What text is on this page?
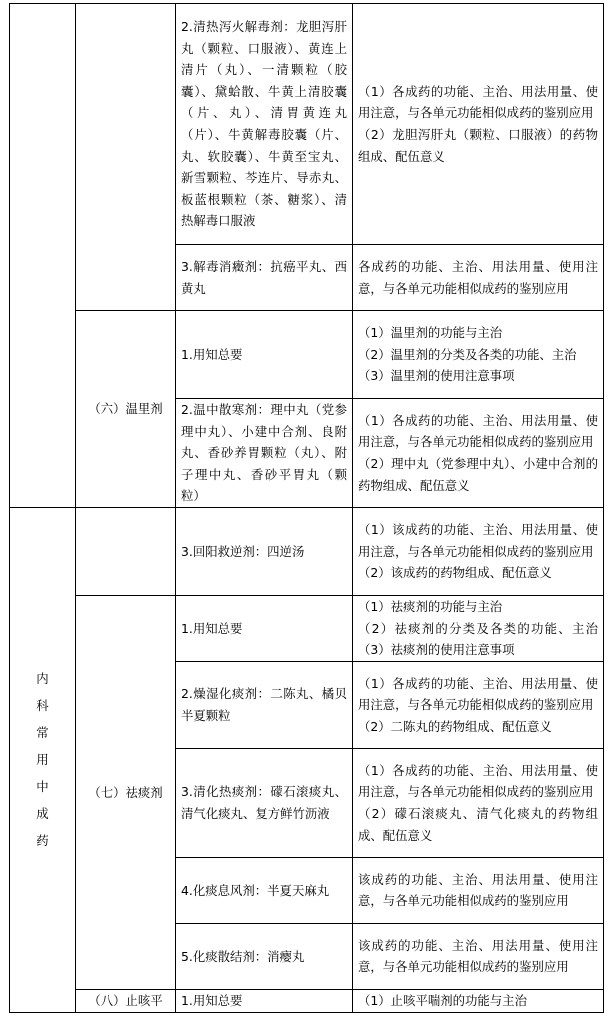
		2.清热泻火解毒剂：龙胆泻肝丸（颗粒、口服液）、黄连上清片（丸）、一清颗粒（胶囊）、黛蛤散、牛黄上清胶囊（片、丸）、清胃黄连丸（片）、牛黄解毒胶囊（片、丸、软胶囊）、牛黄至宝丸、新雪颗粒、芩连片、导赤丸、板蓝根颗粒（茶、糖浆）、清热解毒口服液	（1）各成药的功能、主治、用法用量、使用注意，与各单元功能相似成药的鉴别应用
（2）龙胆泻肝丸（颗粒、口服液）的药物组成、配伍意义

		3.解毒消癥剂：抗癌平丸、西黄丸	各成药的功能、主治、用法用量、使用注意，与各单元功能相似成药的鉴别应用

	（六）温里剂	1.用知总要	（1）温里剂的功能与主治
（2）温里剂的分类及各类的功能、主治
（3）温里剂的使用注意事项

		2.温中散寒剂：理中丸（党参理中丸）、小建中合剂、良附丸、香砂养胃颗粒（丸）、附子理中丸、香砂平胃丸（颗粒）	（1）各成药的功能、主治、用法用量、使用注意，与各单元功能相似成药的鉴别应用
（2）理中丸（党参理中丸）、小建中合剂的药物组成、配伍意义

内科常用中成药		3.回阳救逆剂：四逆汤	（1）该成药的功能、主治、用法用量、使用注意，与各单元功能相似成药的鉴别应用
（2）该成药的药物组成、配伍意义

	（七）祛痰剂	1.用知总要	（1）祛痰剂的功能与主治
（2）祛痰剂的分类及各类的功能、主治（3）祛痰剂的使用注意事项

		2.燥湿化痰剂：二陈丸、橘贝半夏颗粒	（1）各成药的功能、主治、用法用量、使用注意，与各单元功能相似成药的鉴别应用
（2）二陈丸的药物组成、配伍意义

		3.清化热痰剂：礞石滚痰丸、清气化痰丸、复方鲜竹沥液	（1）各成药的功能、主治、用法用量、使用注意，与各单元功能相似成药的鉴别应用
（2）礞石滚痰丸、清气化痰丸的药物组成、配伍意义

		4.化痰息风剂：半夏天麻丸	该成药的功能、主治、用法用量、使用注意，与各单元功能相似成药的鉴别应用

		5.化痰散结剂：消瘿丸	该成药的功能、主治、用法用量、使用注意，与各单元功能相似成药的鉴别应用

	（八）止咳平	1.用知总要	（1）止咳平喘剂的功能与主治
